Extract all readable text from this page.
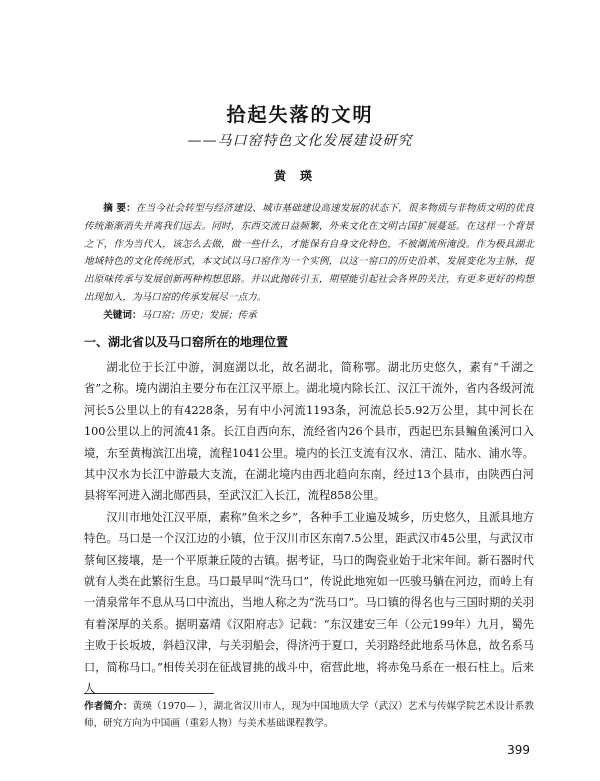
拾起失落的文明
——马口窑特色文化发展建设研究
黄瑛
摘 要：在当今社会转型与经济建设、城市基础建设高速发展的状态下，很多物质与非物质文明的优良传统渐渐消失并离我们远去。同时，东西交流日益频繁，外来文化在文明古国扩展蔓延。在这样一个背景之下，作为当代人，该怎么去做，做一些什么，才能保有自身文化特色，不被潮流所淹没。作为极具湖北地域特色的文化传统形式，本文试以马口窑作为一个实例，以这一窑口的历史沿革、发展变化为主脉，提出原味传承与发展创新两种构想思路。并以此抛砖引玉，期望能引起社会各界的关注，有更多更好的构想出现加入，为马口窑的传承发展尽一点力。
关键词：马口窑；历史；发展；传承
一、湖北省以及马口窑所在的地理位置

湖北位于长江中游，洞庭湖以北，故名湖北，简称鄂。湖北历史悠久，素有“千湖之省”之称。境内湖泊主要分布在江汉平原上。湖北境内除长江、汉江干流外，省内各级河流河长5公里以上的有4228条，另有中小河流1193条，河流总长5.92万公里，其中河长在100公里以上的河流41条。长江自西向东，流经省内26个县市，西起巴东县鳊鱼溪河口入境，东至黄梅滨江出境，流程1041公里。境内的长江支流有汉水、清江、陆水、浦水等。其中汉水为长江中游最大支流，在湖北境内由西北趋向东南，经过13个县市，由陕西白河县将军河进入湖北郧西县，至武汉汇入长江，流程858公里。

汉川市地处江汉平原，素称“鱼米之乡”，各种手工业遍及城乡，历史悠久，且派具地方特色。马口是一个汉江边的小镇，位于汉川市区东南7.5公里，距武汉市45公里，与武汉市蔡甸区接壤，是一个平原兼丘陵的古镇。据考证，马口的陶瓷业始于北宋年间。新石器时代就有人类在此繁衍生息。马口最早叫“洗马口”，传说此地宛如一匹骏马躺在河边，而岭上有一清泉常年不息从马口中流出，当地人称之为“洗马口”。马口镇的得名也与三国时期的关羽有着深厚的关系。据明嘉靖《汉阳府志》记载：“东汉建安三年（公元199年）九月，蜀先主败于长坂坡，斜趋汉津，与关羽船会，得济沔于夏口，关羽路经此地系马休息，故名系马口，简称马口。”相传关羽在征战冒挑的战斗中，宿营此地，将赤兔马系在一根石柱上。后来人

作者简介：黄瑛（1970— ），湖北省汉川市人，现为中国地质大学（武汉）艺术与传媒学院艺术设计系教师，研究方向为中国画（重彩人物）与美术基础课程教学。
399
